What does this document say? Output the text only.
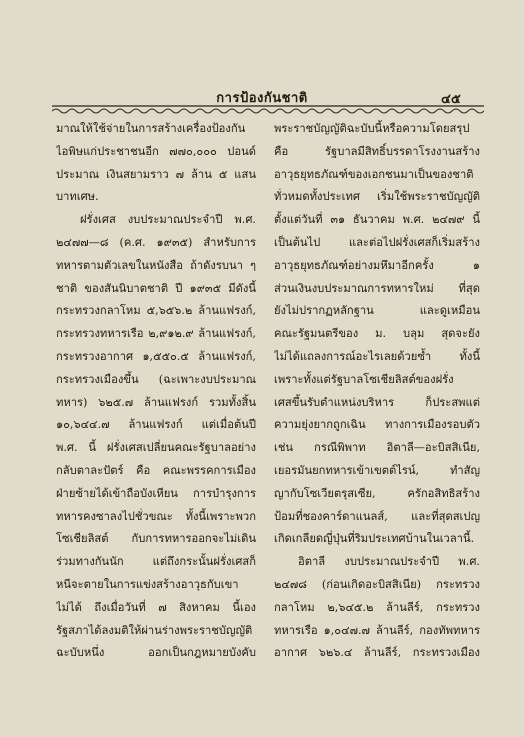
การป้องกันชาติ	๔๕
มาณให้ใช้จ่ายในการสร้างเครื่องป้องกัน
ไอพิษแก่ประชาชนอีก ๗๗๐,๐๐๐ ปอนด์
ประมาณ เงินสยามราว ๗ ล้าน ๕ แสน
บาทเศษ.
ฝรั่งเศส งบประมาณประจำปี พ.ศ.
๒๔๗๗—๘ (ค.ศ. ๑๙๓๕) สำหรับการ
ทหารตามตัวเลขในหนังสือ ถ้าดังรบนา ๆ
ชาติ ของสันนิบาตชาติ ปี ๑๙๓๕ มีดังนี้
กระทรวงกลาโหม ๕,๖๕๖.๒ ล้านแฟรงก์,
กระทรวงทหารเรือ ๒,๙๑๒.๙ ล้านแฟรงก์,
กระทรวงอากาศ ๑,๕๕๐.๕ ล้านแฟรงก์,
กระทรวงเมืองขึ้น (ฉะเพาะงบประมาณ
ทหาร) ๖๒๕.๗ ล้านแฟรงก์ รวมทั้งสิ้น
๑๐,๖๔๔.๗ ล้านแฟรงก์ แต่เมื่อต้นปี
พ.ศ. นี้ ฝรั่งเศสเปลี่ยนคณะรัฐบาลอย่าง
กลับตาละปัตร์ คือ คณะพรรคการเมือง
ฝ่ายซ้ายได้เข้าถือบังเหียน การบำรุงการ
ทหารคงซาลงไปชั่วขณะ ทั้งนี้เพราะพวก
โซเชียลิสต์ กับการทหารออกจะไม่เดิน
ร่วมทางกันนัก แต่ถึงกระนั้นฝรั่งเศสก็
หนีจะตายในการแข่งสร้างอาวุธกับเขา
ไม่ได้ ถึงเมื่อวันที่ ๗ สิงหาคม นี้เอง
รัฐสภาได้ลงมติให้ผ่านร่างพระราชบัญญัติ
ฉะบับหนึ่ง ออกเป็นกฎหมายบังคับ
พระราชบัญญัติฉะบับนี้หรือความโดยสรุป
คือ รัฐบาลมีสิทธิ์บรรดาโรงงานสร้าง
อาวุธยุทธภัณฑ์ของเอกชนมาเป็นของชาติ
ทั่วหมดทั้งประเทศ เริ่มใช้พระราชบัญญัติ
ตั้งแต่วันที่ ๓๑ ธันวาคม พ.ศ. ๒๔๗๙ นี้
เป็นต้นไป และต่อไปฝรั่งเศสก็เริ่มสร้าง
อาวุธยุทธภัณฑ์อย่างมหึมาอีกครั้ง ๑
ส่วนเงินงบประมาณการทหารใหม่ ที่สุด
ยังไม่ปรากฏหลักฐาน และดูเหมือน
คณะรัฐมนตรีของ ม. บลุม สุดจะยัง
ไม่ได้แถลงการณ์อะไรเลยด้วยซ้ำ ทั้งนี้
เพราะทั้งแต่รัฐบาลโซเชียลิสต์ของฝรั่ง
เศสขึ้นรับตำแหน่งบริหาร ก็ประสพแต่
ความยุ่งยากถูกเฉิน ทางการเมืองรอบตัว
เช่น กรณีพิพาท อิตาลี—อะบิสสิเนีย,
เยอรมันยกทหารเข้าเขตต์ไรน์, ทำสัญ
ญากับโซเวียตรุสเซีย, ครักอสิทธิสร้าง
ป้อมที่ชองคาร์ดาแนลส์, และที่สุดสเปญ
เกิดเกลียดญี่ปุ่นที่ริมประเทศบ้านในเวลานี้.
อิตาลี งบประมาณประจำปี พ.ศ.
๒๔๗๘ (ก่อนเกิดอะบิสสิเนีย) กระทรวง
กลาโหม ๒,๖๔๕.๒ ล้านลีร์, กระทรวง
ทหารเรือ ๑,๐๔๗.๗ ล้านลีร์, กองทัพทหาร
อากาศ ๖๒๖.๔ ล้านลีร์, กระทรวงเมือง
